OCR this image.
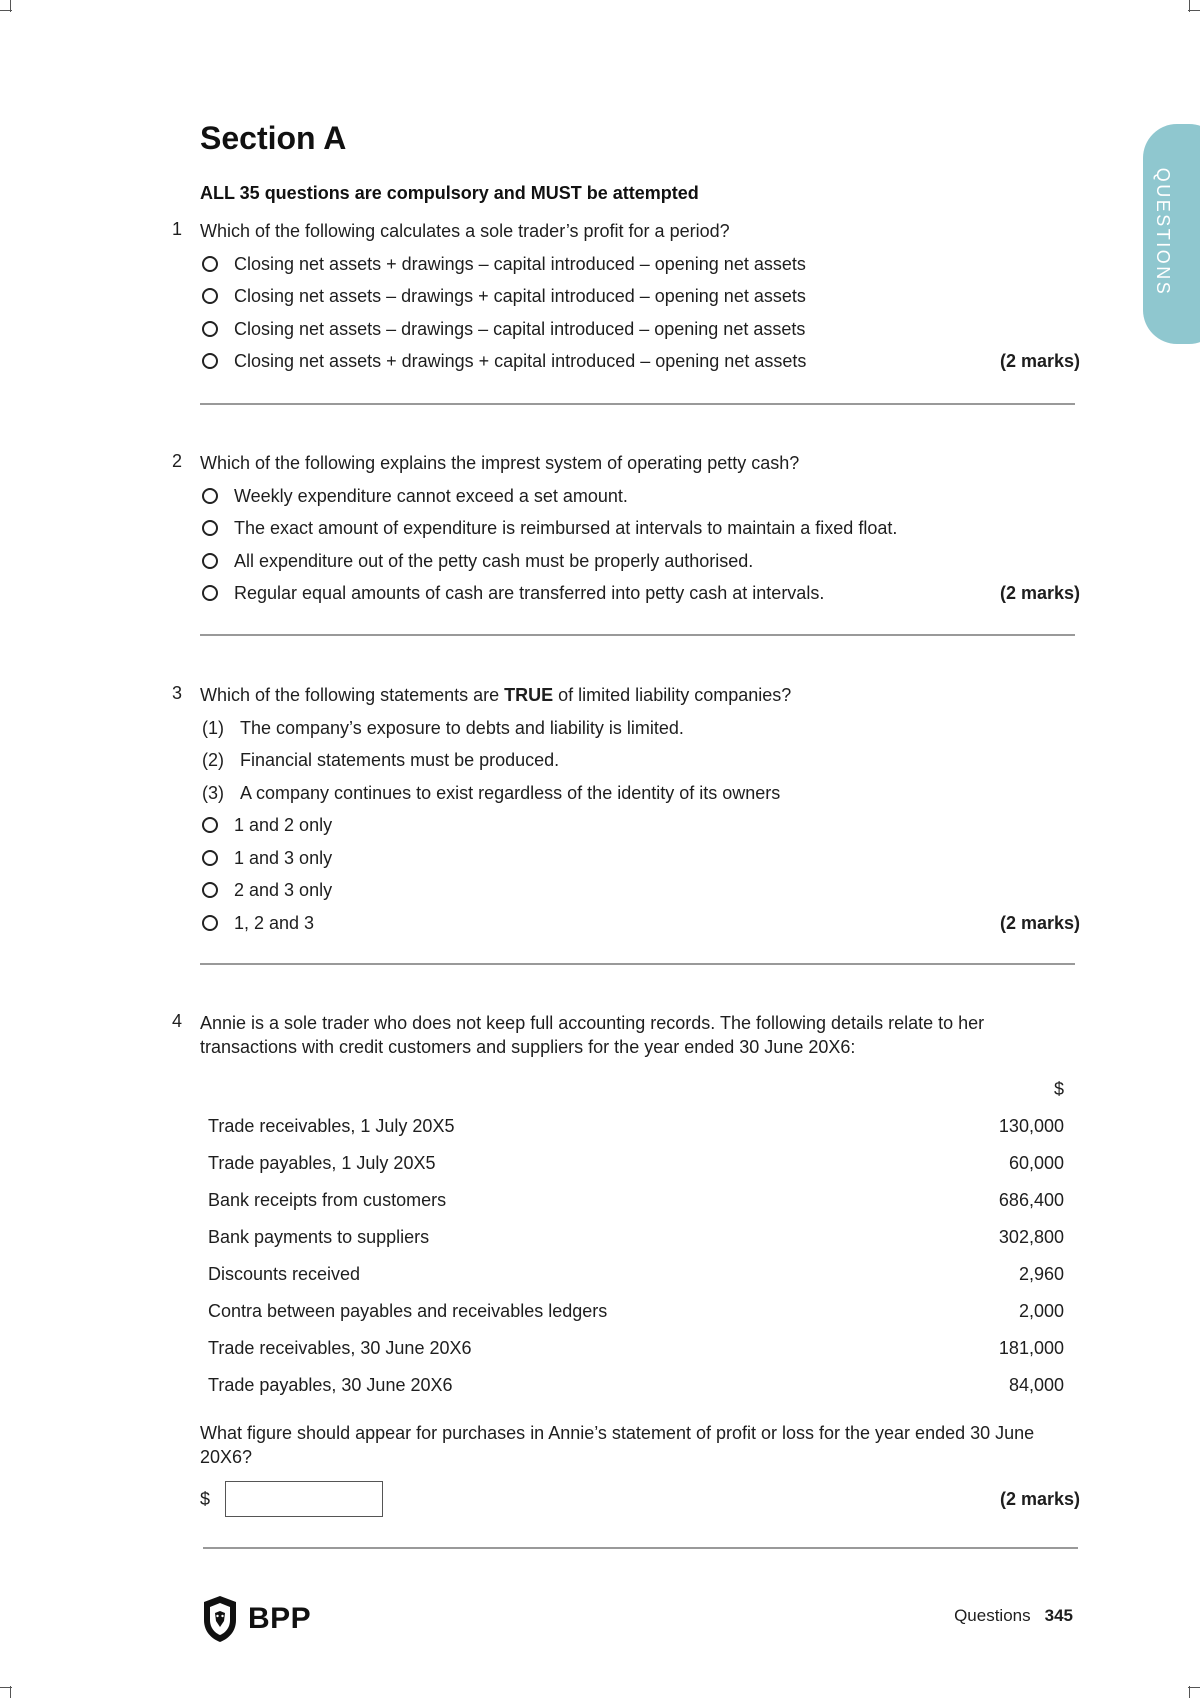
QUESTIONS
Section A
ALL 35 questions are compulsory and MUST be attempted
1 Which of the following calculates a sole trader’s profit for a period?
Closing net assets + drawings – capital introduced – opening net assets
Closing net assets – drawings + capital introduced – opening net assets
Closing net assets – drawings – capital introduced – opening net assets
Closing net assets + drawings + capital introduced – opening net assets	(2 marks)
2 Which of the following explains the imprest system of operating petty cash?
Weekly expenditure cannot exceed a set amount.
The exact amount of expenditure is reimbursed at intervals to maintain a fixed float.
All expenditure out of the petty cash must be properly authorised.
Regular equal amounts of cash are transferred into petty cash at intervals.	(2 marks)
3 Which of the following statements are TRUE of limited liability companies?
(1) The company’s exposure to debts and liability is limited.
(2) Financial statements must be produced.
(3) A company continues to exist regardless of the identity of its owners
1 and 2 only
1 and 3 only
2 and 3 only
1, 2 and 3	(2 marks)
4 Annie is a sole trader who does not keep full accounting records. The following details relate to her transactions with credit customers and suppliers for the year ended 30 June 20X6:
$
Trade receivables, 1 July 20X5	130,000
Trade payables, 1 July 20X5	60,000
Bank receipts from customers	686,400
Bank payments to suppliers	302,800
Discounts received	2,960
Contra between payables and receivables ledgers	2,000
Trade receivables, 30 June 20X6	181,000
Trade payables, 30 June 20X6	84,000
What figure should appear for purchases in Annie’s statement of profit or loss for the year ended 30 June 20X6?
$	(2 marks)
BPP	Questions 345
